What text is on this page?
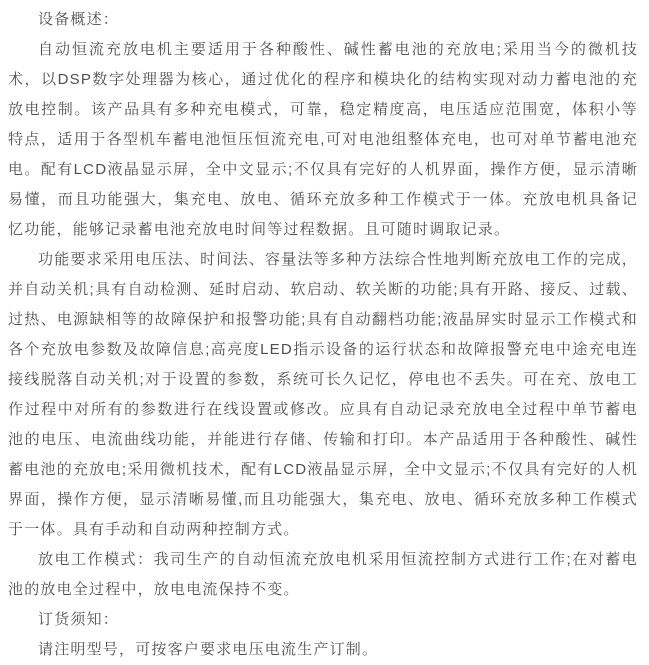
设备概述：

自动恒流充放电机主要适用于各种酸性、碱性蓄电池的充放电;采用当今的微机技术，以DSP数字处理器为核心，通过优化的程序和模块化的结构实现对动力蓄电池的充放电控制。该产品具有多种充电模式，可靠，稳定精度高，电压适应范围宽，体积小等特点，适用于各型机车蓄电池恒压恒流充电,可对电池组整体充电，也可对单节蓄电池充电。配有LCD液晶显示屏，全中文显示;不仅具有完好的人机界面，操作方便，显示清晰易懂，而且功能强大，集充电、放电、循环充放多种工作模式于一体。充放电机具备记忆功能，能够记录蓄电池充放电时间等过程数据。且可随时调取记录。

功能要求采用电压法、时间法、容量法等多种方法综合性地判断充放电工作的完成，并自动关机;具有自动检测、延时启动、软启动、软关断的功能;具有开路、接反、过载、过热、电源缺相等的故障保护和报警功能;具有自动翻档功能;液晶屏实时显示工作模式和各个充放电参数及故障信息;高亮度LED指示设备的运行状态和故障报警充电中途充电连接线脱落自动关机;对于设置的参数，系统可长久记忆，停电也不丢失。可在充、放电工作过程中对所有的参数进行在线设置或修改。应具有自动记录充放电全过程中单节蓄电池的电压、电流曲线功能，并能进行存储、传输和打印。本产品适用于各种酸性、碱性蓄电池的充放电;采用微机技术，配有LCD液晶显示屏，全中文显示;不仅具有完好的人机界面，操作方便，显示清晰易懂,而且功能强大，集充电、放电、循环充放多种工作模式于一体。具有手动和自动两种控制方式。

放电工作模式：我司生产的自动恒流充放电机采用恒流控制方式进行工作;在对蓄电池的放电全过程中，放电电流保持不变。

订货须知：

请注明型号，可按客户要求电压电流生产订制。
